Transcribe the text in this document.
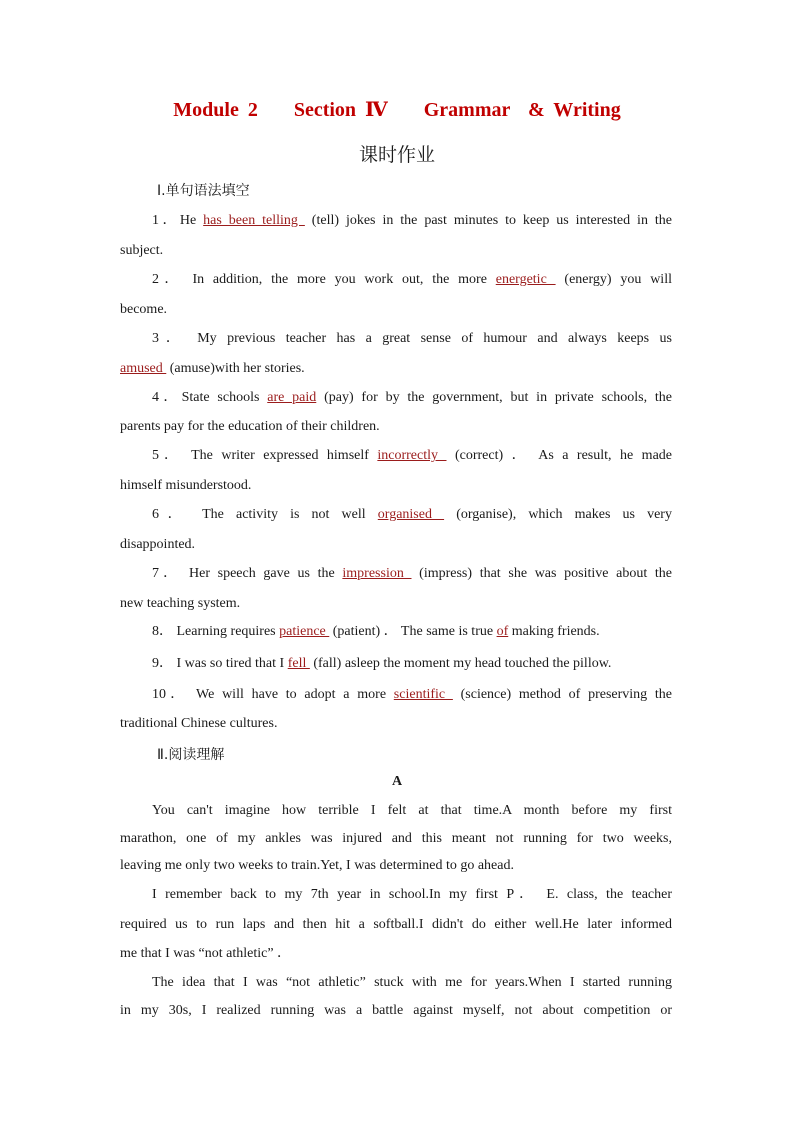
Module 2    Section Ⅳ    Grammar  & Writing
课时作业
Ⅰ.单句语法填空
1．He has been telling  (tell) jokes in the past minutes to keep us interested in the
subject.
2． In addition, the more you work out, the more energetic  (energy) you will
become.
3． My previous teacher has a great sense of humour and always keeps us
amused  (amuse)with her stories.
4．State schools are paid (pay) for by the government, but in private schools, the
parents pay for the education of their children.
5． The writer expressed himself incorrectly  (correct) ． As a result, he made
himself misunderstood.
6． The activity is not well organised  (organise), which makes us very
disappointed.
7． Her speech gave us the impression  (impress) that she was positive about the
new teaching system.
8． Learning requires patience  (patient) ． The same is true of making friends.
9． I was so tired that I fell  (fall) asleep the moment my head touched the pillow.
10． We will have to adopt a more scientific  (science) method of preserving the
traditional Chinese cultures.
Ⅱ.阅读理解
A
You can't imagine how terrible I felt at that time.A month before my first
marathon, one of my ankles was injured and this meant not running for two weeks,
leaving me only two weeks to train.Yet, I was determined to go ahead.
I remember back to my 7th year in school.In my first P． E. class, the teacher
required us to run laps and then hit a softball.I didn't do either well.He later informed
me that I was “not athletic” ．
The idea that I was “not athletic” stuck with me for years.When I started running
in my 30s, I realized running was a battle against myself, not about competition or
